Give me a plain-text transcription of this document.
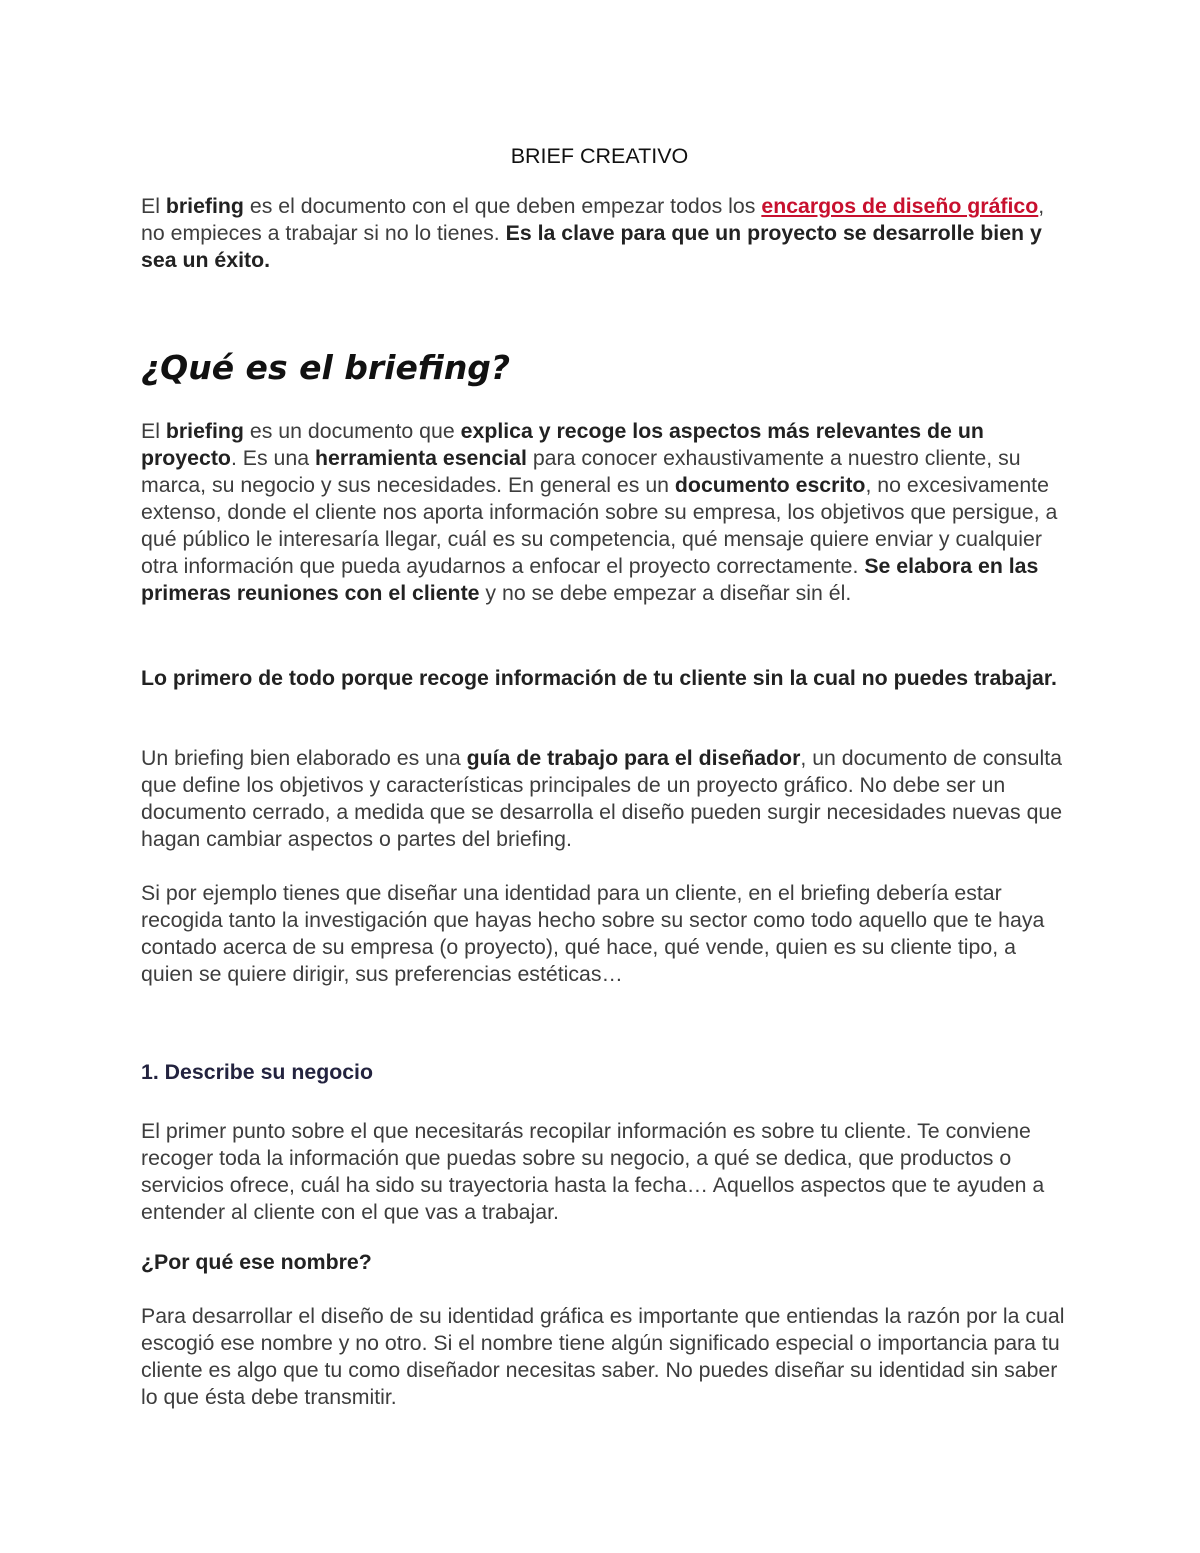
BRIEF CREATIVO

El briefing es el documento con el que deben empezar todos los encargos de diseño gráfico, no empieces a trabajar si no lo tienes. Es la clave para que un proyecto se desarrolle bien y sea un éxito.

¿Qué es el briefing?

El briefing es un documento que explica y recoge los aspectos más relevantes de un proyecto. Es una herramienta esencial para conocer exhaustivamente a nuestro cliente, su marca, su negocio y sus necesidades. En general es un documento escrito, no excesivamente extenso, donde el cliente nos aporta información sobre su empresa, los objetivos que persigue, a qué público le interesaría llegar, cuál es su competencia, qué mensaje quiere enviar y cualquier otra información que pueda ayudarnos a enfocar el proyecto correctamente. Se elabora en las primeras reuniones con el cliente y no se debe empezar a diseñar sin él.

Lo primero de todo porque recoge información de tu cliente sin la cual no puedes trabajar.

Un briefing bien elaborado es una guía de trabajo para el diseñador, un documento de consulta que define los objetivos y características principales de un proyecto gráfico. No debe ser un documento cerrado, a medida que se desarrolla el diseño pueden surgir necesidades nuevas que hagan cambiar aspectos o partes del briefing.

Si por ejemplo tienes que diseñar una identidad para un cliente, en el briefing debería estar recogida tanto la investigación que hayas hecho sobre su sector como todo aquello que te haya contado acerca de su empresa (o proyecto), qué hace, qué vende, quien es su cliente tipo, a quien se quiere dirigir, sus preferencias estéticas…

1. Describe su negocio

El primer punto sobre el que necesitarás recopilar información es sobre tu cliente. Te conviene recoger toda la información que puedas sobre su negocio, a qué se dedica, que productos o servicios ofrece, cuál ha sido su trayectoria hasta la fecha… Aquellos aspectos que te ayuden a entender al cliente con el que vas a trabajar.

¿Por qué ese nombre?

Para desarrollar el diseño de su identidad gráfica es importante que entiendas la razón por la cual escogió ese nombre y no otro. Si el nombre tiene algún significado especial o importancia para tu cliente es algo que tu como diseñador necesitas saber. No puedes diseñar su identidad sin saber lo que ésta debe transmitir.
